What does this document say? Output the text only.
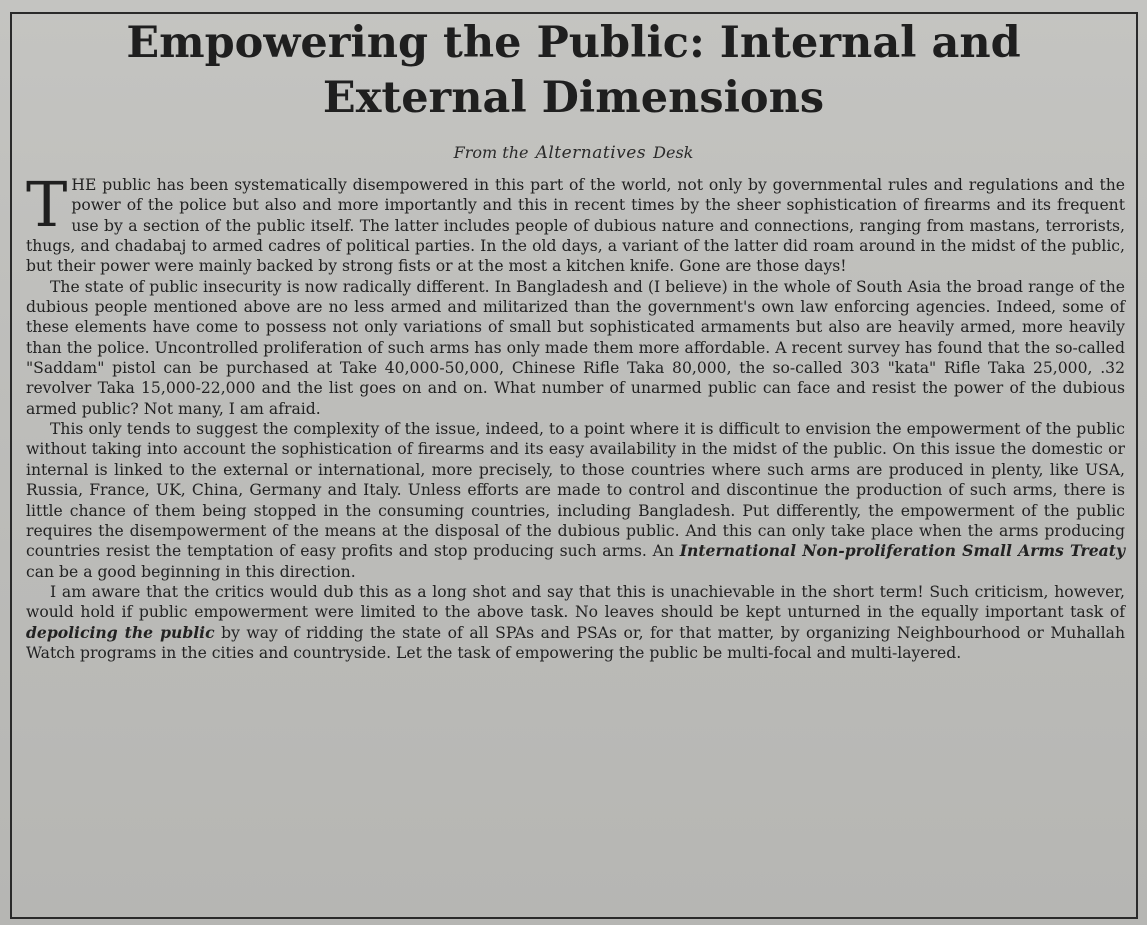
Empowering the Public: Internal and
External Dimensions
From the Alternatives Desk

THE public has been systematically disempowered in this part of the world, not only by governmental rules and regulations and the power of the police but also and more importantly and this in recent times by the sheer sophistication of firearms and its frequent use by a section of the public itself. The latter includes people of dubious nature and connections, ranging from mastans, terrorists, thugs, and chadabaj to armed cadres of political parties. In the old days, a variant of the latter did roam around in the midst of the public, but their power were mainly backed by strong fists or at the most a kitchen knife. Gone are those days!

The state of public insecurity is now radically different. In Bangladesh and (I believe) in the whole of South Asia the broad range of the dubious people mentioned above are no less armed and militarized than the government's own law enforcing agencies. Indeed, some of these elements have come to possess not only variations of small but sophisticated armaments but also are heavily armed, more heavily than the police. Uncontrolled proliferation of such arms has only made them more affordable. A recent survey has found that the so-called "Saddam" pistol can be purchased at Take 40,000-50,000, Chinese Rifle Taka 80,000, the so-called 303 "kata" Rifle Taka 25,000, .32 revolver Taka 15,000-22,000 and the list goes on and on. What number of unarmed public can face and resist the power of the dubious armed public? Not many, I am afraid.

This only tends to suggest the complexity of the issue, indeed, to a point where it is difficult to envision the empowerment of the public without taking into account the sophistication of firearms and its easy availability in the midst of the public. On this issue the domestic or internal is linked to the external or international, more precisely, to those countries where such arms are produced in plenty, like USA, Russia, France, UK, China, Germany and Italy. Unless efforts are made to control and discontinue the production of such arms, there is little chance of them being stopped in the consuming countries, including Bangladesh. Put differently, the empowerment of the public requires the disempowerment of the means at the disposal of the dubious public. And this can only take place when the arms producing countries resist the temptation of easy profits and stop producing such arms. An International Non-proliferation Small Arms Treaty can be a good beginning in this direction.

I am aware that the critics would dub this as a long shot and say that this is unachievable in the short term! Such criticism, however, would hold if public empowerment were limited to the above task. No leaves should be kept unturned in the equally important task of depolicing the public by way of ridding the state of all SPAs and PSAs or, for that matter, by organizing Neighbourhood or Muhallah Watch programs in the cities and countryside. Let the task of empowering the public be multi-focal and multi-layered.
